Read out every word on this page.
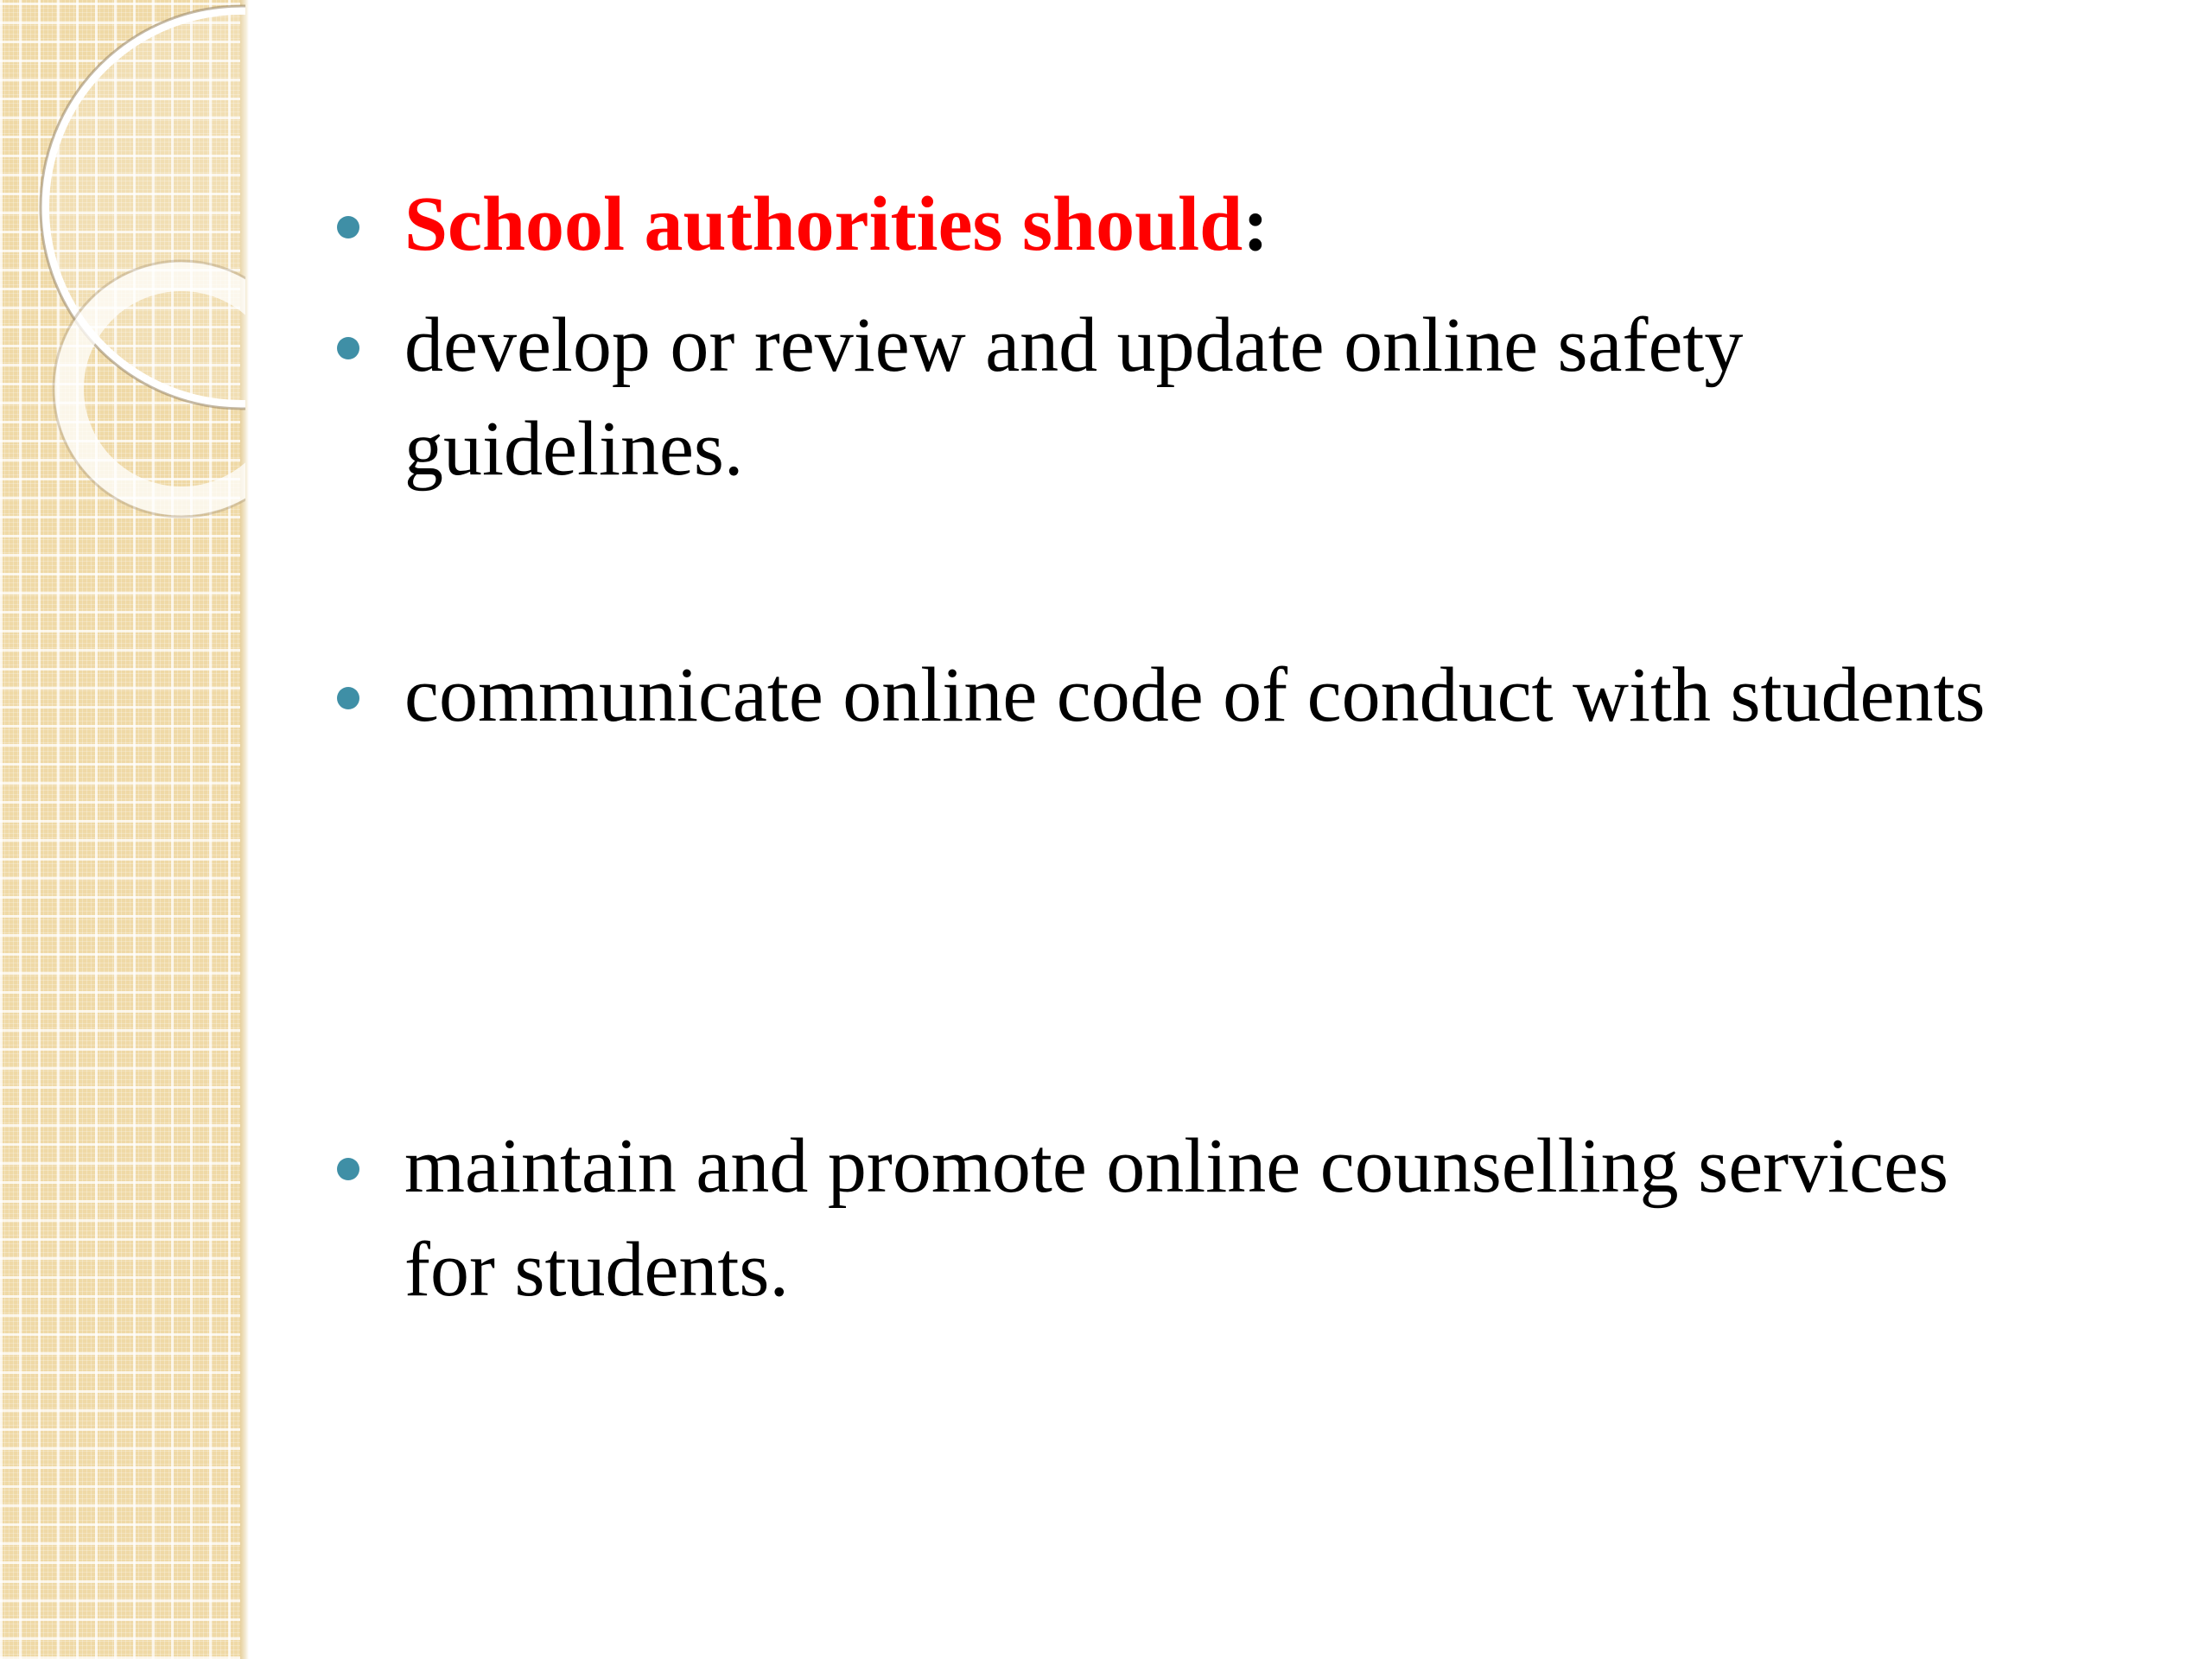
School authorities should:
develop or review and update online safety guidelines.
communicate online code of conduct with students
maintain and promote online counselling services for students.
